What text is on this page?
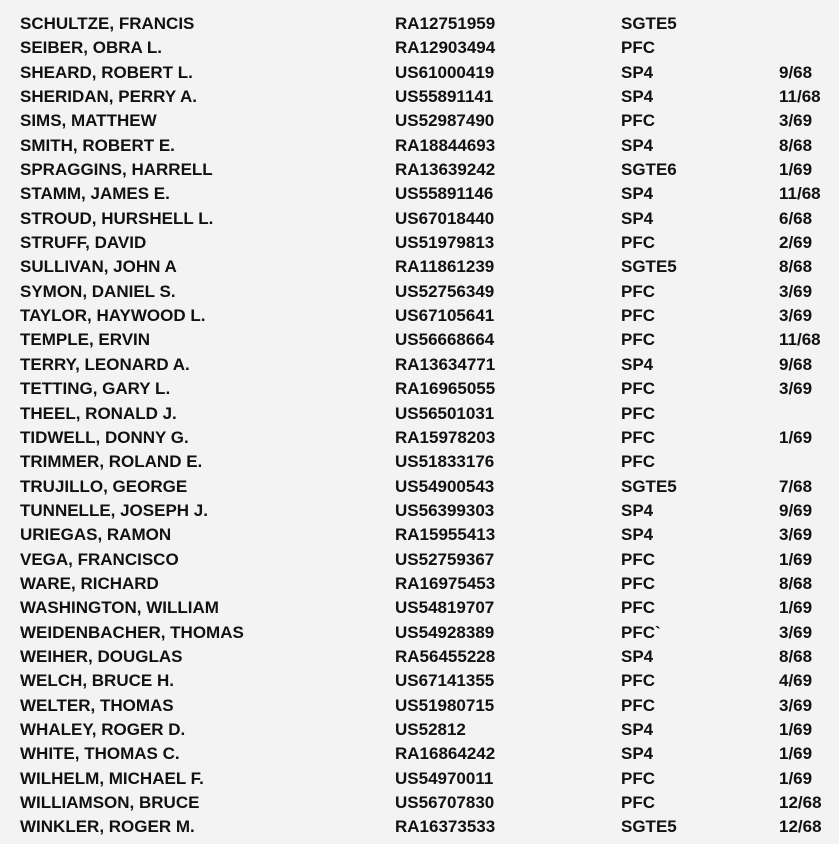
SCHULTZE, FRANCIS	RA12751959	SGTE5
SEIBER, OBRA L.	RA12903494	PFC
SHEARD, ROBERT L.	US61000419	SP4	9/68
SHERIDAN, PERRY A.	US55891141	SP4	11/68
SIMS, MATTHEW	US52987490	PFC	3/69
SMITH, ROBERT E.	RA18844693	SP4	8/68
SPRAGGINS, HARRELL	RA13639242	SGTE6	1/69
STAMM, JAMES E.	US55891146	SP4	11/68
STROUD, HURSHELL L.	US67018440	SP4	6/68
STRUFF, DAVID	US51979813	PFC	2/69
SULLIVAN, JOHN A	RA11861239	SGTE5	8/68
SYMON, DANIEL S.	US52756349	PFC	3/69
TAYLOR, HAYWOOD L.	US67105641	PFC	3/69
TEMPLE, ERVIN	US56668664	PFC	11/68
TERRY, LEONARD A.	RA13634771	SP4	9/68
TETTING, GARY L.	RA16965055	PFC	3/69
THEEL, RONALD J.	US56501031	PFC
TIDWELL, DONNY G.	RA15978203	PFC	1/69
TRIMMER, ROLAND E.	US51833176	PFC
TRUJILLO, GEORGE	US54900543	SGTE5	7/68
TUNNELLE, JOSEPH J.	US56399303	SP4	9/69
URIEGAS, RAMON	RA15955413	SP4	3/69
VEGA, FRANCISCO	US52759367	PFC	1/69
WARE, RICHARD	RA16975453	PFC	8/68
WASHINGTON, WILLIAM	US54819707	PFC	1/69
WEIDENBACHER, THOMAS	US54928389	PFC`	3/69
WEIHER, DOUGLAS	RA56455228	SP4	8/68
WELCH, BRUCE H.	US67141355	PFC	4/69
WELTER, THOMAS	US51980715	PFC	3/69
WHALEY, ROGER D.	US52812	SP4	1/69
WHITE, THOMAS C.	RA16864242	SP4	1/69
WILHELM, MICHAEL F.	US54970011	PFC	1/69
WILLIAMSON, BRUCE	US56707830	PFC	12/68
WINKLER, ROGER M.	RA16373533	SGTE5	12/68
